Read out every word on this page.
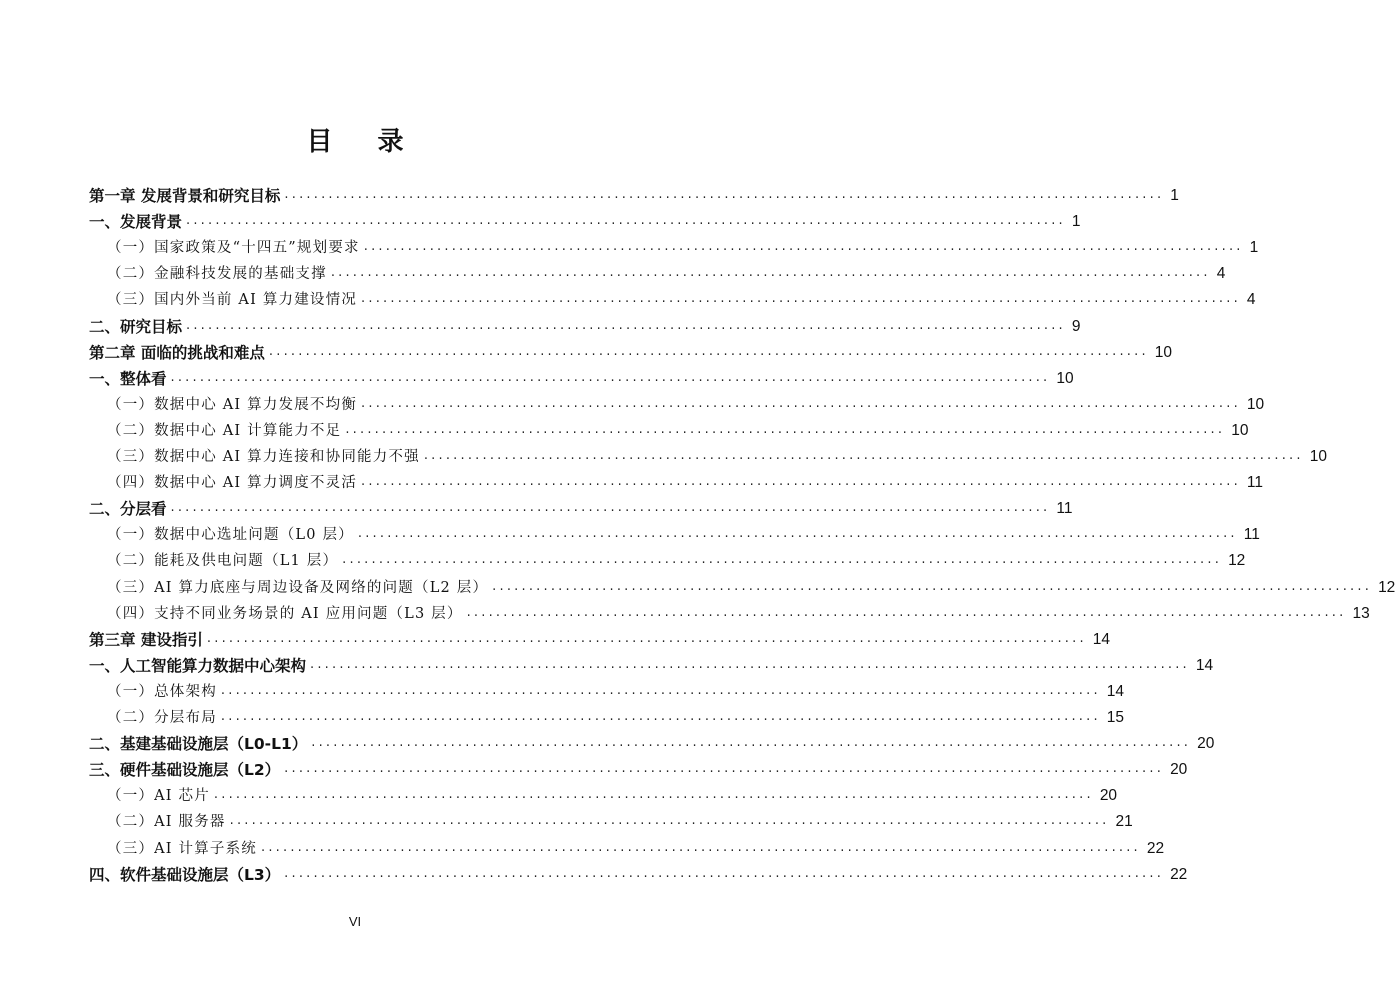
目 录
第一章 发展背景和研究目标 ........................................................................................................................ 1
一、发展背景 ........................................................................................................................ 1
（一）国家政策及“十四五”规划要求 ........................................................................................................................ 1
（二）金融科技发展的基础支撑 ........................................................................................................................ 4
（三）国内外当前 AI 算力建设情况 ........................................................................................................................ 4
二、研究目标 ........................................................................................................................ 9
第二章 面临的挑战和难点 ........................................................................................................................ 10
一、整体看 ........................................................................................................................ 10
（一）数据中心 AI 算力发展不均衡 ........................................................................................................................ 10
（二）数据中心 AI 计算能力不足 ........................................................................................................................ 10
（三）数据中心 AI 算力连接和协同能力不强 ........................................................................................................................ 10
（四）数据中心 AI 算力调度不灵活 ........................................................................................................................ 11
二、分层看 ........................................................................................................................ 11
（一）数据中心选址问题（L0 层） ........................................................................................................................ 11
（二）能耗及供电问题（L1 层） ........................................................................................................................ 12
（三）AI 算力底座与周边设备及网络的问题（L2 层） ........................................................................................................................ 12
（四）支持不同业务场景的 AI 应用问题（L3 层） ........................................................................................................................ 13
第三章 建设指引 ........................................................................................................................ 14
一、人工智能算力数据中心架构 ........................................................................................................................ 14
（一）总体架构 ........................................................................................................................ 14
（二）分层布局 ........................................................................................................................ 15
二、基建基础设施层（L0-L1） ........................................................................................................................ 20
三、硬件基础设施层（L2） ........................................................................................................................ 20
（一）AI 芯片 ........................................................................................................................ 20
（二）AI 服务器 ........................................................................................................................ 21
（三）AI 计算子系统 ........................................................................................................................ 22
四、软件基础设施层（L3） ........................................................................................................................ 22
VI
